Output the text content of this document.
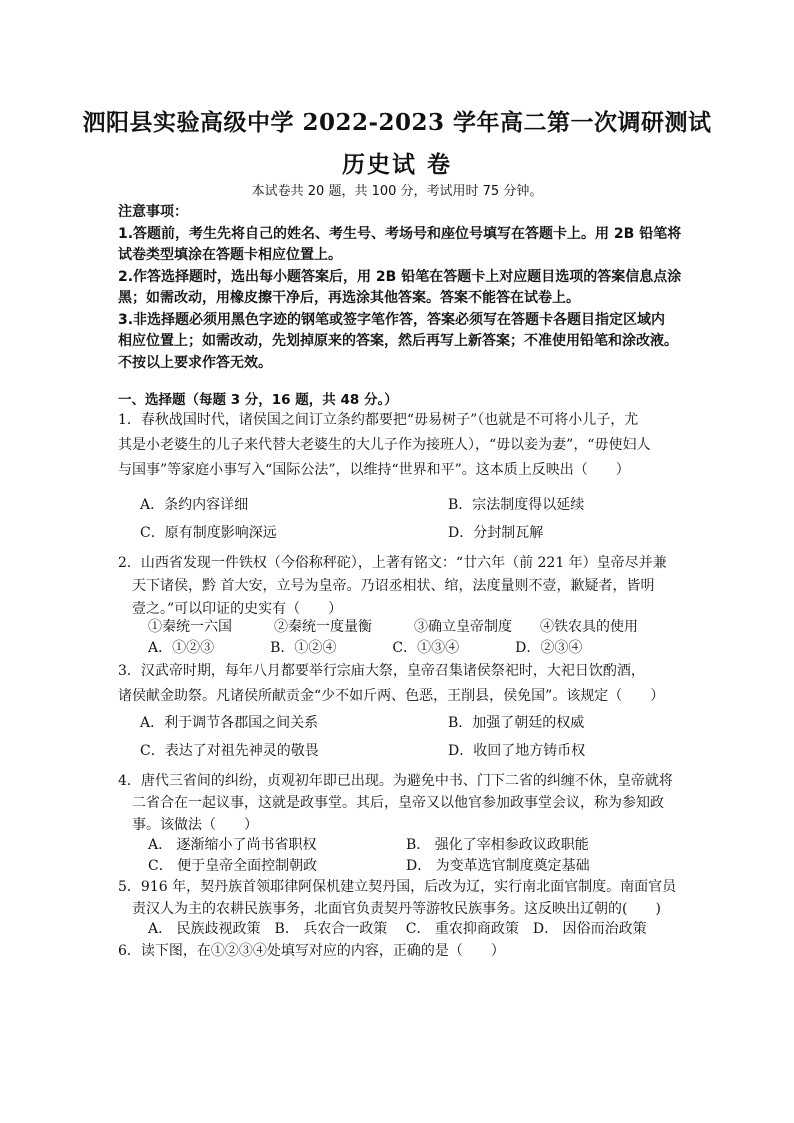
泗阳县实验高级中学 2022-2023 学年高二第一次调研测试
历史试 卷
本试卷共 20 题，共 100 分，考试用时 75 分钟。
注意事项：
1.答题前，考生先将自己的姓名、考生号、考场号和座位号填写在答题卡上。用 2B 铅笔将
试卷类型填涂在答题卡相应位置上。
2.作答选择题时，选出每小题答案后，用 2B 铅笔在答题卡上对应题目选项的答案信息点涂
黑；如需改动，用橡皮擦干净后，再选涂其他答案。答案不能答在试卷上。
3.非选择题必须用黑色字迹的钢笔或签字笔作答，答案必须写在答题卡各题目指定区域内
相应位置上；如需改动，先划掉原来的答案，然后再写上新答案；不准使用铅笔和涂改液。
不按以上要求作答无效。
一、选择题（每题 3 分，16 题，共 48 分。）
1．春秋战国时代，诸侯国之间订立条约都要把“毋易树子”（也就是不可将小儿子，尤
其是小老婆生的儿子来代替大老婆生的大儿子作为接班人），“毋以妾为妻”，“毋使妇人
与国事”等家庭小事写入“国际公法”，以维持“世界和平”。这本质上反映出（　　）
A．条约内容详细	B．宗法制度得以延续
C．原有制度影响深远	D．分封制瓦解
2．山西省发现一件铁权（今俗称秤砣），上著有铭文：“廿六年（前 221 年）皇帝尽并兼
　天下诸侯，黔 首大安，立号为皇帝。乃诏丞相状、绾，法度量则不壹，歉疑者，皆明
　壹之。”可以印证的史实有（　　）
①秦统一六国　　　②秦统一度量衡　　　③确立皇帝制度　　④铁农具的使用
A．①②③　　　　B．①②④　　　　C．①③④　　　　D．②③④
3．汉武帝时期，每年八月都要举行宗庙大祭，皇帝召集诸侯祭祀时，大祀日饮酌酒，
诸侯献金助祭。凡诸侯所献贡金“少不如斤两、色恶，王削县，侯免国”。该规定（　　）
A．利于调节各郡国之间关系	B．加强了朝廷的权威
C．表达了对祖先神灵的敬畏	D．收回了地方铸币权
4．唐代三省间的纠纷，贞观初年即已出现。为避免中书、门下二省的纠缠不休，皇帝就将
　二省合在一起议事，这就是政事堂。其后，皇帝又以他官参加政事堂会议，称为参知政
　事。该做法（　　）
A． 逐渐缩小了尚书省职权	B． 强化了宰相参政议政职能
C． 便于皇帝全面控制朝政	D． 为变革选官制度奠定基础
5．916 年，契丹族首领耶律阿保机建立契丹国，后改为辽，实行南北面官制度。南面官员
　责汉人为主的农耕民族事务，北面官负责契丹等游牧民族事务。这反映出辽朝的(　　)
A． 民族歧视政策　B． 兵农合一政策　 C． 重农抑商政策　D． 因俗而治政策
6．读下图，在①②③④处填写对应的内容，正确的是（　　）
